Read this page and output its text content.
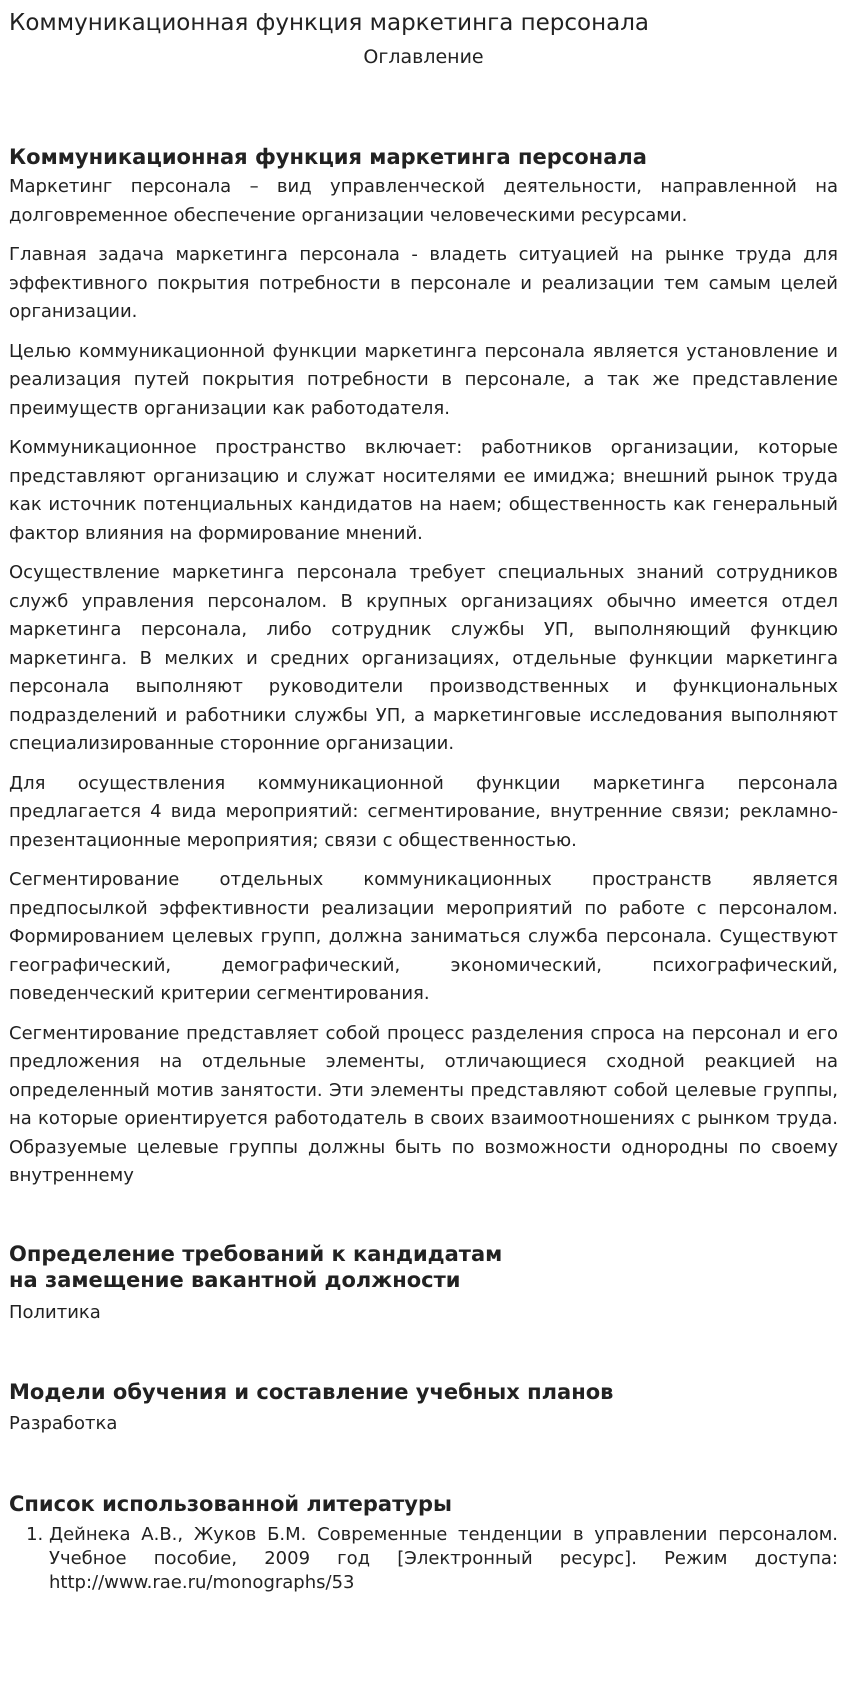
Коммуникационная функция маркетинга персонала
Оглавление
Коммуникационная функция маркетинга персонала

Маркетинг персонала – вид управленческой деятельности, направленной на долговременное обеспечение организации человеческими ресурсами.

Главная задача маркетинга персонала - владеть ситуацией на рынке труда для эффективного покрытия потребности в персонале и реализации тем самым целей организации.

Целью коммуникационной функции маркетинга персонала является установление и реализация путей покрытия потребности в персонале, а так же представление преимуществ организации как работодателя.

Коммуникационное пространство включает: работников организации, которые представляют организацию и служат носителями ее имиджа; внешний рынок труда как источник потенциальных кандидатов на наем; общественность как генеральный фактор влияния на формирование мнений.

Осуществление маркетинга персонала требует специальных знаний сотрудников служб управления персоналом. В крупных организациях обычно имеется отдел маркетинга персонала, либо сотрудник службы УП, выполняющий функцию маркетинга. В мелких и средних организациях, отдельные функции маркетинга персонала выполняют руководители производственных и функциональных подразделений и работники службы УП, а маркетинговые исследования выполняют специализированные сторонние организации.

Для осуществления коммуникационной функции маркетинга персонала предлагается 4 вида мероприятий: сегментирование, внутренние связи; рекламно-презентационные мероприятия; связи с общественностью.

Сегментирование отдельных коммуникационных пространств является предпосылкой эффективности реализации мероприятий по работе с персоналом. Формированием целевых групп, должна заниматься служба персонала. Существуют географический, демографический, экономический, психографический, поведенческий критерии сегментирования.

Сегментирование представляет собой процесс разделения спроса на персонал и его предложения на отдельные элементы, отличающиеся сходной реакцией на определенный мотив занятости. Эти элементы представляют собой целевые группы, на которые ориентируется работодатель в своих взаимоотношениях с рынком труда. Образуемые целевые группы должны быть по возможности однородны по своему внутреннему

Определение требований к кандидатам
на замещение вакантной должности

Политика

Модели обучения и составление учебных планов

Разработка

Список использованной литературы
1. Дейнека А.В., Жуков Б.М. Современные тенденции в управлении персоналом. Учебное пособие, 2009 год [Электронный ресурс]. Режим доступа: http://www.rae.ru/monographs/53
